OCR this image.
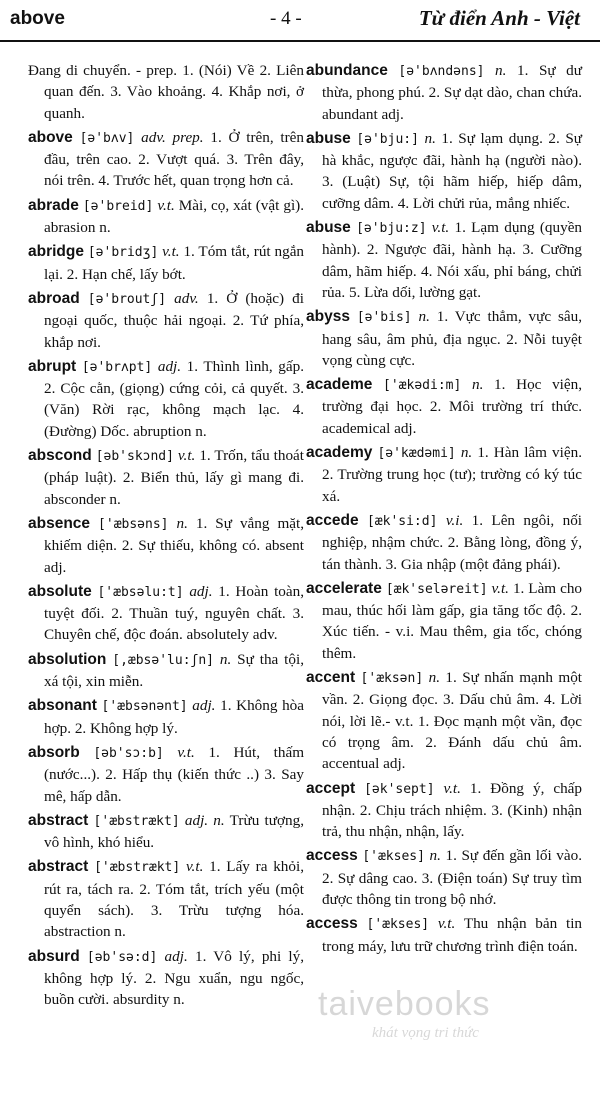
above	- 4 -	Từ điển Anh - Việt

Đang di chuyển. - prep. 1. (Nói) Về 2. Liên quan đến. 3. Vào khoảng. 4. Khắp nơi, ở quanh.

above [ə'bʌv] adv. prep. 1. Ở trên, trên đầu, trên cao. 2. Vượt quá. 3. Trên đây, nói trên. 4. Trước hết, quan trọng hơn cả.

abrade [ə'breid] v.t. Mài, cọ, xát (vật gì). abrasion n.

abridge [ə'bridʒ] v.t. 1. Tóm tắt, rút ngắn lại. 2. Hạn chế, lấy bớt.

abroad [ə'broutʃ] adv. 1. Ở (hoặc) đi ngoại quốc, thuộc hải ngoại. 2. Tứ phía, khắp nơi.

abrupt [ə'brʌpt] adj. 1. Thình lình, gấp. 2. Cộc cằn, (giọng) cứng cỏi, cả quyết. 3. (Văn) Rời rạc, không mạch lạc. 4. (Đường) Dốc. abruption n.

abscond [əb'skɔnd] v.t. 1. Trốn, tẩu thoát (pháp luật). 2. Biển thủ, lấy gì mang đi. absconder n.

absence ['æbsəns] n. 1. Sự vắng mặt, khiếm diện. 2. Sự thiếu, không có. absent adj.

absolute ['æbsəlu:t] adj. 1. Hoàn toàn, tuyệt đối. 2. Thuần tuý, nguyên chất. 3. Chuyên chế, độc đoán. absolutely adv.

absolution [,æbsə'lu:ʃn] n. Sự tha tội, xá tội, xin miễn.

absonant ['æbsənənt] adj. 1. Không hòa hợp. 2. Không hợp lý.

absorb [əb'sɔ:b] v.t. 1. Hút, thấm (nước...). 2. Hấp thụ (kiến thức ..) 3. Say mê, hấp dẫn.

abstract ['æbstrækt] adj. n. Trừu tượng, vô hình, khó hiểu.

abstract ['æbstrækt] v.t. 1. Lấy ra khỏi, rút ra, tách ra. 2. Tóm tắt, trích yếu (một quyển sách). 3. Trừu tượng hóa. abstraction n.

absurd [əb'sə:d] adj. 1. Vô lý, phi lý, không hợp lý. 2. Ngu xuẩn, ngu ngốc, buồn cười. absurdity n.

abundance [ə'bʌndəns] n. 1. Sự dư thừa, phong phú. 2. Sự dạt dào, chan chứa. abundant adj.

abuse [ə'bju:] n. 1. Sự lạm dụng. 2. Sự hà khắc, ngược đãi, hành hạ (người nào). 3. (Luật) Sự, tội hãm hiếp, hiếp dâm, cưỡng dâm. 4. Lời chửi rủa, mắng nhiếc.

abuse [ə'bju:z] v.t. 1. Lạm dụng (quyền hành). 2. Ngược đãi, hành hạ. 3. Cưỡng dâm, hãm hiếp. 4. Nói xấu, phỉ báng, chửi rủa. 5. Lừa dối, lường gạt.

abyss [ə'bis] n. 1. Vực thẳm, vực sâu, hang sâu, âm phủ, địa ngục. 2. Nỗi tuyệt vọng cùng cực.

academe ['ækədi:m] n. 1. Học viện, trường đại học. 2. Môi trường trí thức. academical adj.

academy [ə'kædəmi] n. 1. Hàn lâm viện. 2. Trường trung học (tư); trường có ký túc xá.

accede [æk'si:d] v.i. 1. Lên ngôi, nối nghiệp, nhậm chức. 2. Bằng lòng, đồng ý, tán thành. 3. Gia nhập (một đảng phái).

accelerate [æk'seləreit] v.t. 1. Làm cho mau, thúc hối làm gấp, gia tăng tốc độ. 2. Xúc tiến. - v.i. Mau thêm, gia tốc, chóng thêm.

accent ['æksən] n. 1. Sự nhấn mạnh một vần. 2. Giọng đọc. 3. Dấu chủ âm. 4. Lời nói, lời lẽ.- v.t. 1. Đọc mạnh một vần, đọc có trọng âm. 2. Đánh dấu chủ âm. accentual adj.

accept [ək'sept] v.t. 1. Đồng ý, chấp nhận. 2. Chịu trách nhiệm. 3. (Kinh) nhận trả, thu nhận, nhận, lấy.

access ['ækses] n. 1. Sự đến gần lối vào. 2. Sự dâng cao. 3. (Điện toán) Sự truy tìm được thông tin trong bộ nhớ.

access ['ækses] v.t. Thu nhận bản tin trong máy, lưu trữ chương trình điện toán.

taivebooks
khát vọng tri thức
